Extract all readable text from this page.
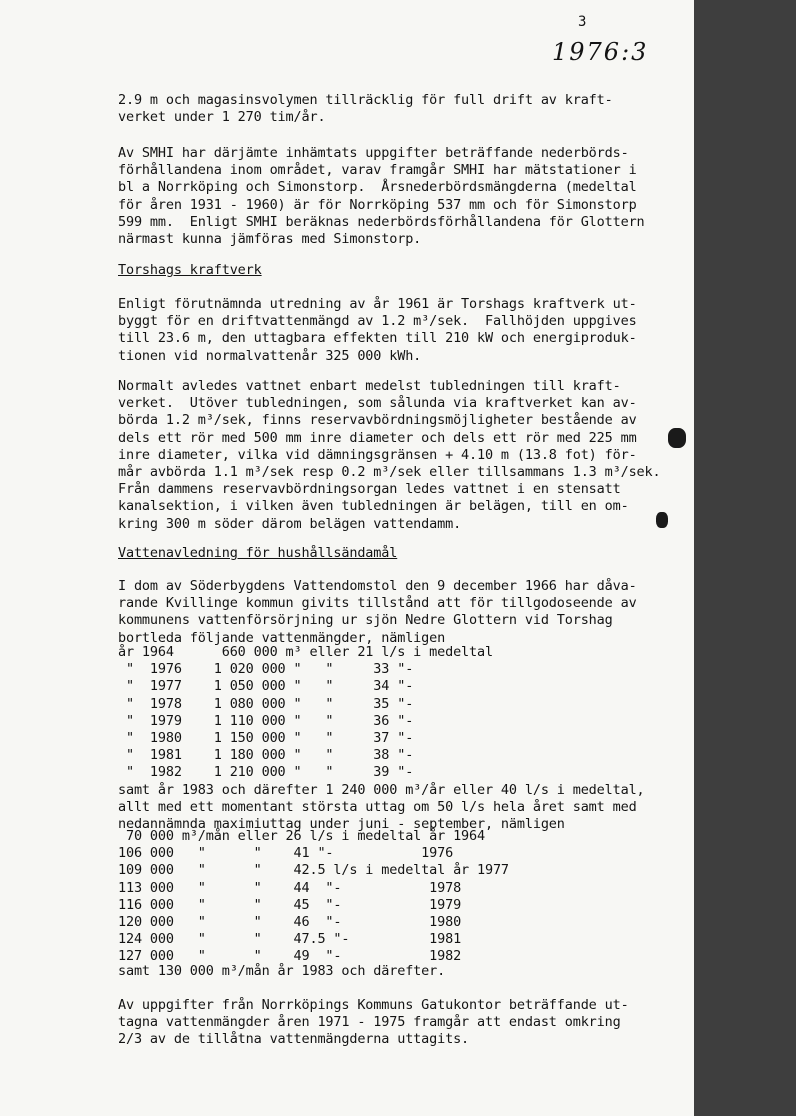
3
1976:3
2.9 m och magasinsvolymen tillräcklig för full drift av kraft-
verket under 1 270 tim/år.
Av SMHI har därjämte inhämtats uppgifter beträffande nederbörds-
förhållandena inom området, varav framgår SMHI har mätstationer i
bl a Norrköping och Simonstorp.  Årsnederbördsmängderna (medeltal
för åren 1931 - 1960) är för Norrköping 537 mm och för Simonstorp
599 mm.  Enligt SMHI beräknas nederbördsförhållandena för Glottern
närmast kunna jämföras med Simonstorp.
Torshags kraftverk
Enligt förutnämnda utredning av år 1961 är Torshags kraftverk ut-
byggt för en driftvattenmängd av 1.2 m³/sek.  Fallhöjden uppgives
till 23.6 m, den uttagbara effekten till 210 kW och energiproduk-
tionen vid normalvattenår 325 000 kWh.
Normalt avledes vattnet enbart medelst tubledningen till kraft-
verket.  Utöver tubledningen, som sålunda via kraftverket kan av-
börda 1.2 m³/sek, finns reservavbördningsmöjligheter bestående av
dels ett rör med 500 mm inre diameter och dels ett rör med 225 mm
inre diameter, vilka vid dämningsgränsen + 4.10 m (13.8 fot) för-
mår avbörda 1.1 m³/sek resp 0.2 m³/sek eller tillsammans 1.3 m³/sek.
Från dammens reservavbördningsorgan ledes vattnet i en stensatt
kanalsektion, i vilken även tubledningen är belägen, till en om-
kring 300 m söder därom belägen vattendamm.
Vattenavledning för hushållsändamål
I dom av Söderbygdens Vattendomstol den 9 december 1966 har dåva-
rande Kvillinge kommun givits tillstånd att för tillgodoseende av
kommunens vattenförsörjning ur sjön Nedre Glottern vid Torshag
bortleda följande vattenmängder, nämligen
år 1964      660 000 m³ eller 21 l/s i medeltal
"  1976    1 020 000 "   "     33 "-
"  1977    1 050 000 "   "     34 "-
"  1978    1 080 000 "   "     35 "-
"  1979    1 110 000 "   "     36 "-
"  1980    1 150 000 "   "     37 "-
"  1981    1 180 000 "   "     38 "-
"  1982    1 210 000 "   "     39 "-
samt år 1983 och därefter 1 240 000 m³/år eller 40 l/s i medeltal,
allt med ett momentant största uttag om 50 l/s hela året samt med
nedannämnda maximiuttag under juni - september, nämligen
70 000 m³/mån eller 26 l/s i medeltal år 1964
106 000   "      "    41 "-           1976
109 000   "      "    42.5 l/s i medeltal år 1977
113 000   "      "    44  "-           1978
116 000   "      "    45  "-           1979
120 000   "      "    46  "-           1980
124 000   "      "    47.5 "-          1981
127 000   "      "    49  "-           1982
samt 130 000 m³/mån år 1983 och därefter.
Av uppgifter från Norrköpings Kommuns Gatukontor beträffande ut-
tagna vattenmängder åren 1971 - 1975 framgår att endast omkring
2/3 av de tillåtna vattenmängderna uttagits.
